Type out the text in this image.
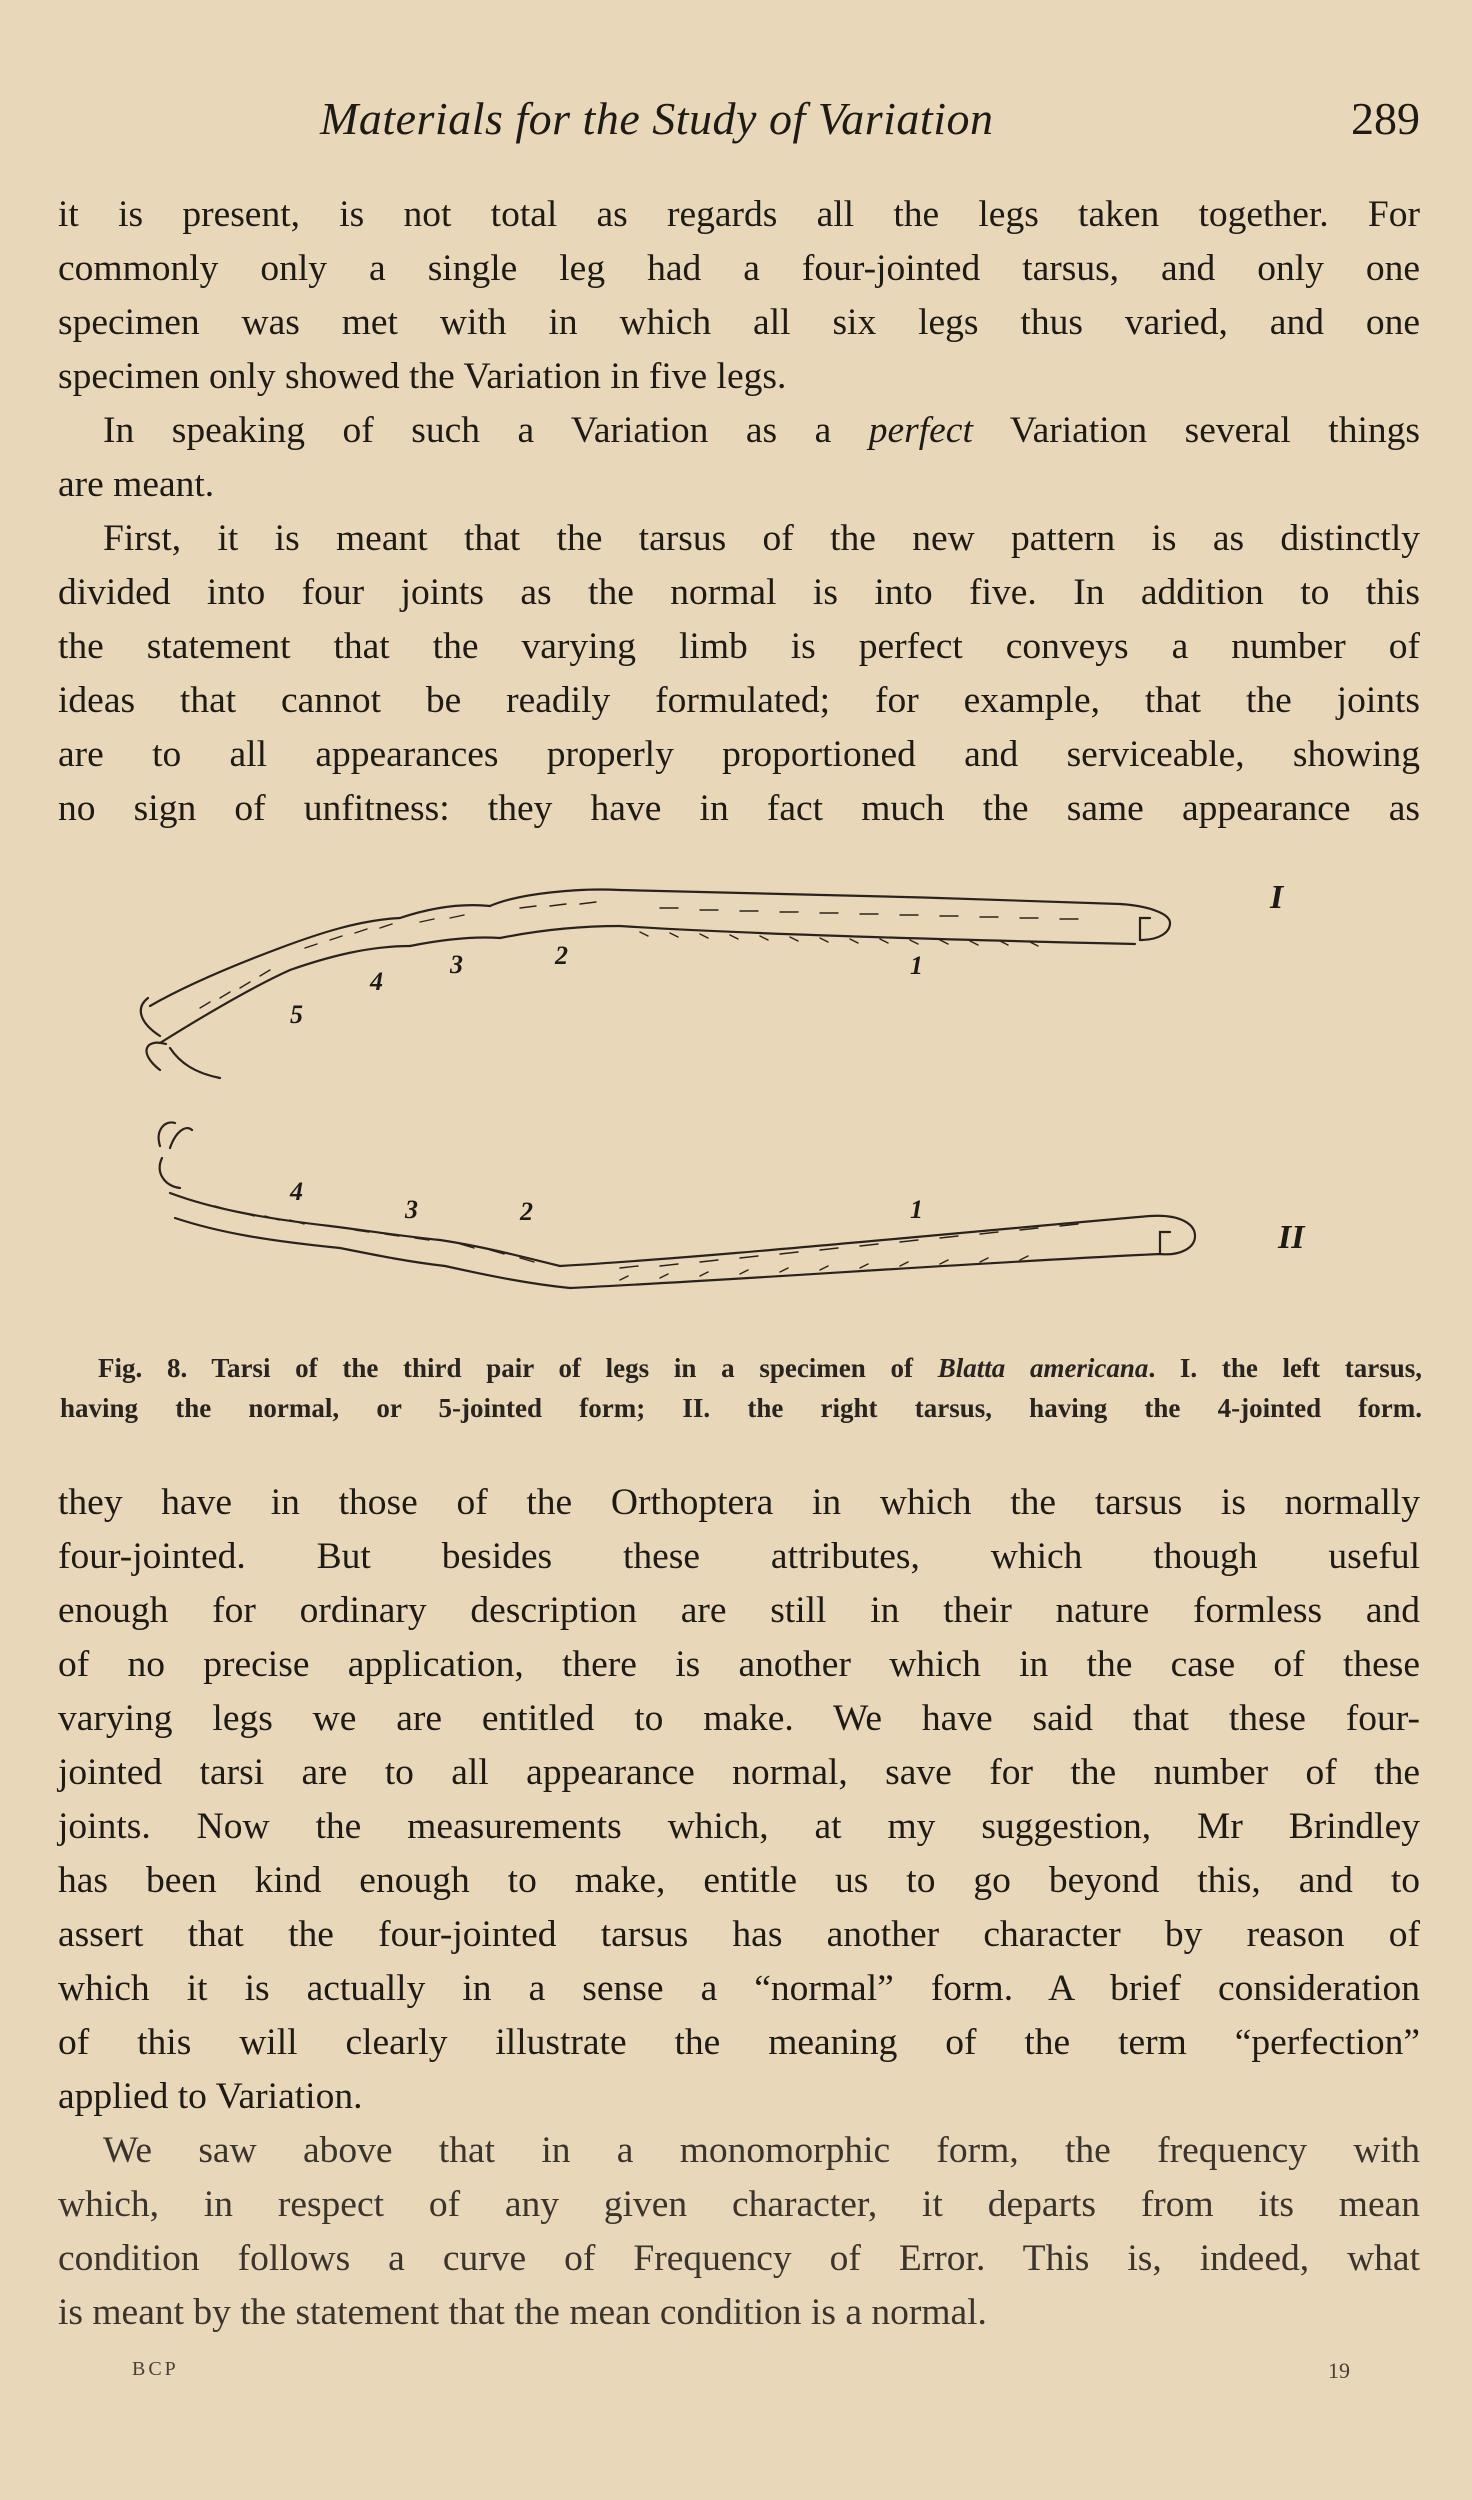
Materials for the Study of Variation	289

it is present, is not total as regards all the legs taken together. For
commonly only a single leg had a four-jointed tarsus, and only one
specimen was met with in which all six legs thus varied, and one
specimen only showed the Variation in five legs.

In speaking of such a Variation as a perfect Variation several things
are meant.

First, it is meant that the tarsus of the new pattern is as distinctly
divided into four joints as the normal is into five. In addition to this
the statement that the varying limb is perfect conveys a number of
ideas that cannot be readily formulated; for example, that the joints
are to all appearances properly proportioned and serviceable, showing
no sign of unfitness: they have in fact much the same appearance as

I
5
4
3	2	1
II
4
3	2	1
Fig. 8. Tarsi of the third pair of legs in a specimen of Blatta americana. I. the left tarsus,
having the normal, or 5-jointed form; II. the right tarsus, having the 4-jointed form.

they have in those of the Orthoptera in which the tarsus is normally
four-jointed. But besides these attributes, which though useful
enough for ordinary description are still in their nature formless and
of no precise application, there is another which in the case of these
varying legs we are entitled to make. We have said that these four-
jointed tarsi are to all appearance normal, save for the number of the
joints. Now the measurements which, at my suggestion, Mr Brindley
has been kind enough to make, entitle us to go beyond this, and to
assert that the four-jointed tarsus has another character by reason of
which it is actually in a sense a “normal” form. A brief consideration
of this will clearly illustrate the meaning of the term “perfection”
applied to Variation.

We saw above that in a monomorphic form, the frequency with
which, in respect of any given character, it departs from its mean
condition follows a curve of Frequency of Error. This is, indeed, what
is meant by the statement that the mean condition is a normal.

BCP	19
